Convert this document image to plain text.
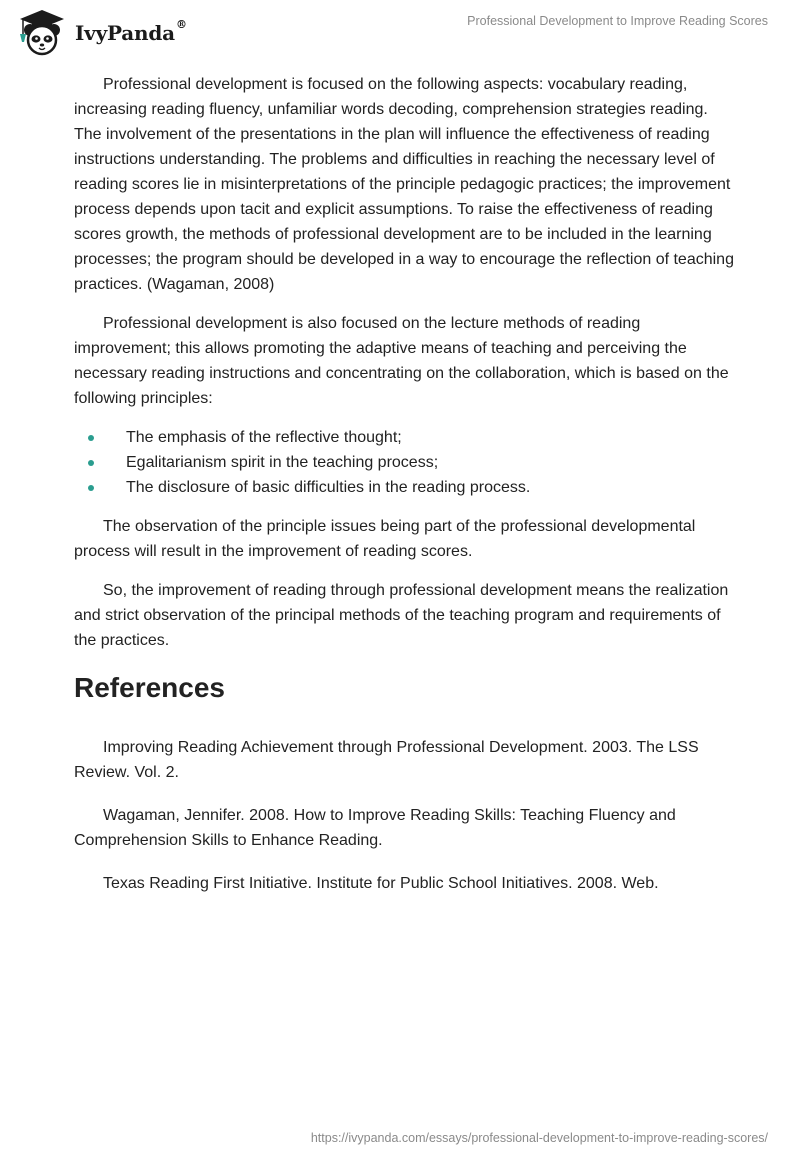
IvyPanda®	Professional Development to Improve Reading Scores

Professional development is focused on the following aspects: vocabulary reading, increasing reading fluency, unfamiliar words decoding, comprehension strategies reading. The involvement of the presentations in the plan will influence the effectiveness of reading instructions understanding. The problems and difficulties in reaching the necessary level of reading scores lie in misinterpretations of the principle pedagogic practices; the improvement process depends upon tacit and explicit assumptions. To raise the effectiveness of reading scores growth, the methods of professional development are to be included in the learning processes; the program should be developed in a way to encourage the reflection of teaching practices. (Wagaman, 2008)

Professional development is also focused on the lecture methods of reading improvement; this allows promoting the adaptive means of teaching and perceiving the necessary reading instructions and concentrating on the collaboration, which is based on the following principles:

The emphasis of the reflective thought;
Egalitarianism spirit in the teaching process;
The disclosure of basic difficulties in the reading process.

The observation of the principle issues being part of the professional developmental process will result in the improvement of reading scores.

So, the improvement of reading through professional development means the realization and strict observation of the principal methods of the teaching program and requirements of the practices.

References

Improving Reading Achievement through Professional Development. 2003. The LSS Review. Vol. 2.

Wagaman, Jennifer. 2008. How to Improve Reading Skills: Teaching Fluency and Comprehension Skills to Enhance Reading.

Texas Reading First Initiative. Institute for Public School Initiatives. 2008. Web.

https://ivypanda.com/essays/professional-development-to-improve-reading-scores/
